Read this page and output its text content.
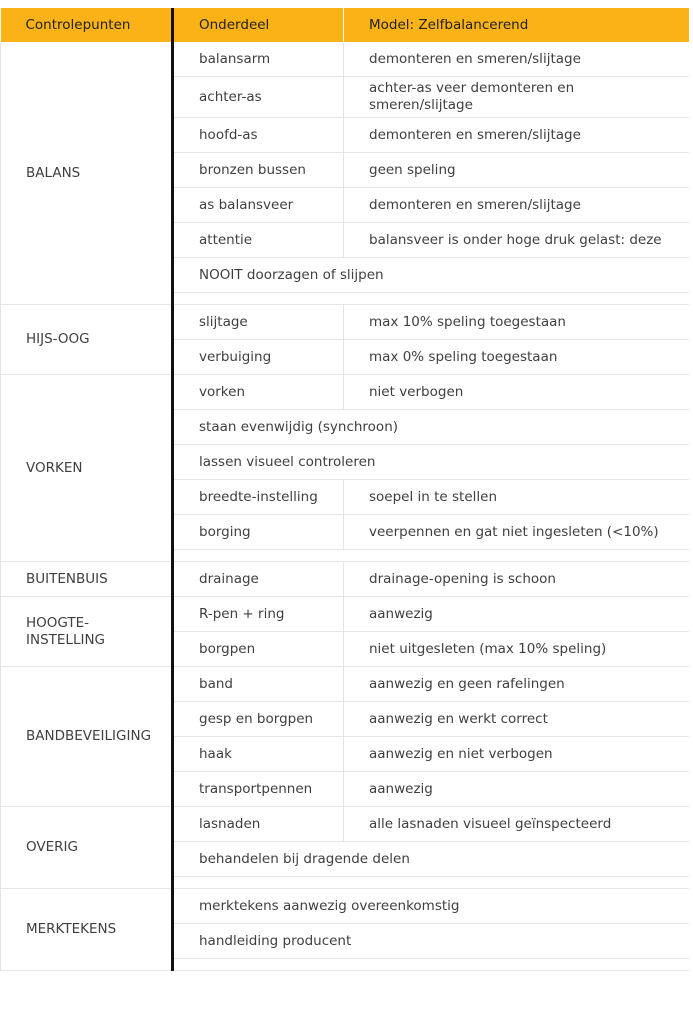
Controlepunten	Onderdeel	Model: Zelfbalancerend

BALANS	balansarm	demonteren en smeren/slijtage
	achter-as	achter-as veer demonteren en smeren/slijtage
	hoofd-as	demonteren en smeren/slijtage
	bronzen bussen	geen speling
	as balansveer	demonteren en smeren/slijtage
	attentie	balansveer is onder hoge druk gelast: deze
	NOOIT doorzagen of slijpen	

HIJS-OOG	slijtage	max 10% speling toegestaan
	verbuiging	max 0% speling toegestaan

VORKEN	vorken	niet verbogen
	staan evenwijdig (synchroon)	
	lassen visueel controleren	
	breedte-instelling	soepel in te stellen
	borging	veerpennen en gat niet ingesleten (<10%)

BUITENBUIS	drainage	drainage-opening is schoon

HOOGTE-INSTELLING	R-pen + ring	aanwezig
	borgpen	niet uitgesleten (max 10% speling)

BANDBEVEILIGING	band	aanwezig en geen rafelingen
	gesp en borgpen	aanwezig en werkt correct
	haak	aanwezig en niet verbogen
	transportpennen	aanwezig

OVERIG	lasnaden	alle lasnaden visueel geïnspecteerd
	behandelen bij dragende delen	

MERKTEKENS	merktekens aanwezig overeenkomstig	
	handleiding producent	
